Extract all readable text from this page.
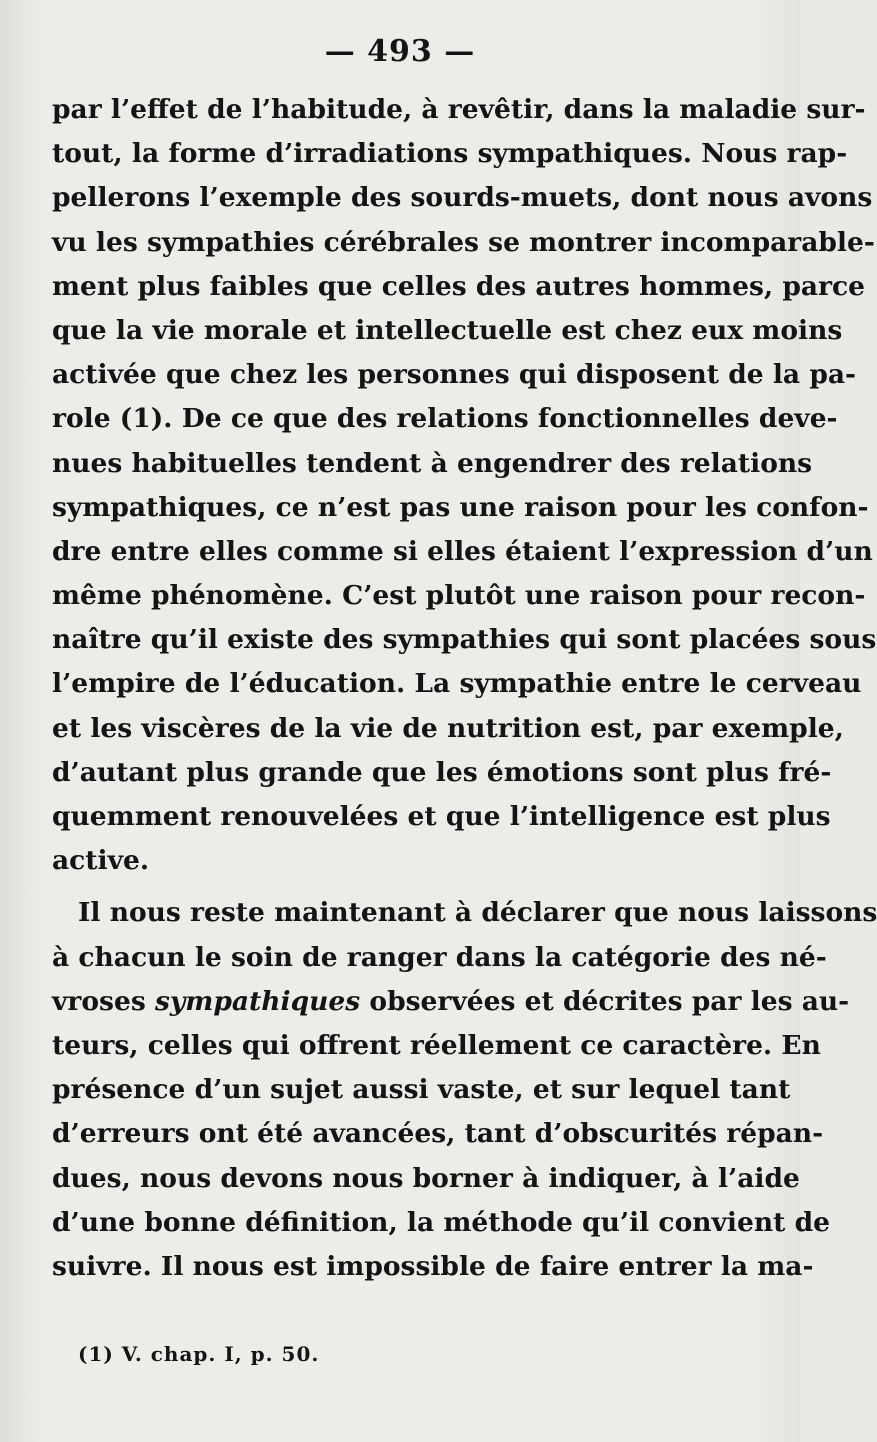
— 493 —
par l’effet de l’habitude, à revêtir, dans la maladie sur-
tout, la forme d’irradiations sympathiques. Nous rap-
pellerons l’exemple des sourds-muets, dont nous avons
vu les sympathies cérébrales se montrer incomparable-
ment plus faibles que celles des autres hommes, parce
que la vie morale et intellectuelle est chez eux moins
activée que chez les personnes qui disposent de la pa-
role (1). De ce que des relations fonctionnelles deve-
nues habituelles tendent à engendrer des relations
sympathiques, ce n’est pas une raison pour les confon-
dre entre elles comme si elles étaient l’expression d’un
même phénomène. C’est plutôt une raison pour recon-
naître qu’il existe des sympathies qui sont placées sous
l’empire de l’éducation. La sympathie entre le cerveau
et les viscères de la vie de nutrition est, par exemple,
d’autant plus grande que les émotions sont plus fré-
quemment renouvelées et que l’intelligence est plus
active.
Il nous reste maintenant à déclarer que nous laissons
à chacun le soin de ranger dans la catégorie des né-
vroses sympathiques observées et décrites par les au-
teurs, celles qui offrent réellement ce caractère. En
présence d’un sujet aussi vaste, et sur lequel tant
d’erreurs ont été avancées, tant d’obscurités répan-
dues, nous devons nous borner à indiquer, à l’aide
d’une bonne définition, la méthode qu’il convient de
suivre. Il nous est impossible de faire entrer la ma-
(1) V. chap. I, p. 50.
